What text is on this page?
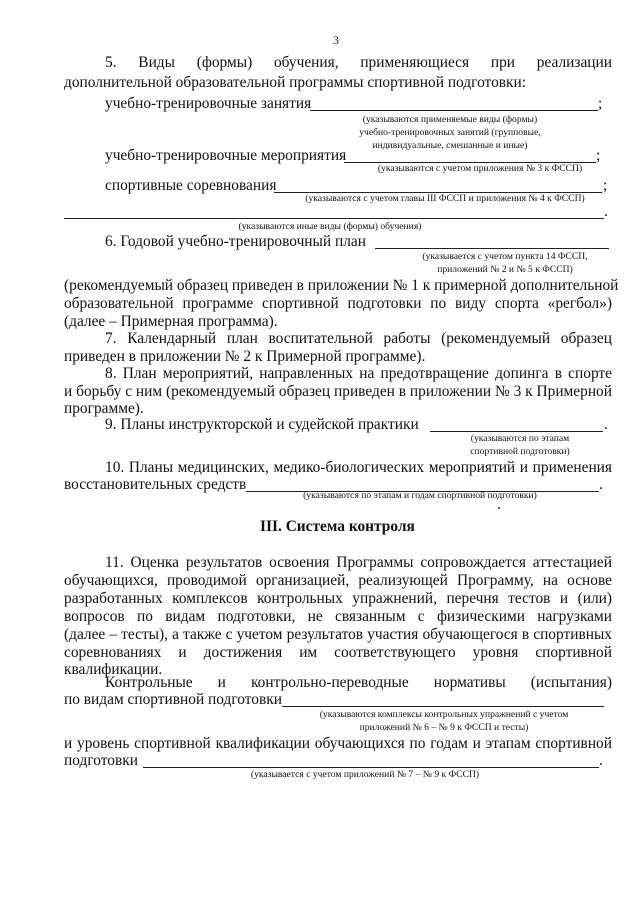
3
5. Виды (формы) обучения, применяющиеся при реализации
дополнительной образовательной программы спортивной подготовки:
учебно-тренировочные занятия	;
(указываются применяемые виды (формы)
учебно-тренировочных занятий (групповые,
индивидуальные, смешанные и иные)
учебно-тренировочные мероприятия	;
(указываются с учетом приложения № 3 к ФССП)
спортивные соревнования	;
(указываются с учетом главы III ФССП и приложения № 4 к ФССП)
.
(указываются иные виды (формы) обучения)
6. Годовой учебно-тренировочный план
(указывается с учетом пункта 14 ФССП,
приложений № 2 и № 5 к ФССП)
(рекомендуемый образец приведен в приложении № 1 к примерной дополнительной
образовательной программе спортивной подготовки по виду спорта «регбол»)
(далее – Примерная программа).
7. Календарный план воспитательной работы (рекомендуемый образец
приведен в приложении № 2 к Примерной программе).
8. План мероприятий, направленных на предотвращение допинга в спорте
и борьбу с ним (рекомендуемый образец приведен в приложении № 3 к Примерной
программе).
9. Планы инструкторской и судейской практики	.
(указываются по этапам
спортивной подготовки)
10. Планы медицинских, медико-биологических мероприятий и применения
восстановительных средств	.
(указываются по этапам и годам спортивной подготовки)
III. Система контроля
11. Оценка результатов освоения Программы сопровождается аттестацией
обучающихся, проводимой организацией, реализующей Программу, на основе
разработанных комплексов контрольных упражнений, перечня тестов и (или)
вопросов по видам подготовки, не связанным с физическими нагрузками
(далее – тесты), а также с учетом результатов участия обучающегося в спортивных
соревнованиях и достижения им соответствующего уровня спортивной
квалификации.
Контрольные и контрольно-переводные нормативы (испытания)
по видам спортивной подготовки
(указываются комплексы контрольных упражнений с учетом
приложений № 6 – № 9 к ФССП и тесты)
и уровень спортивной квалификации обучающихся по годам и этапам спортивной
подготовки	.
(указывается с учетом приложений № 7 – № 9 к ФССП)
